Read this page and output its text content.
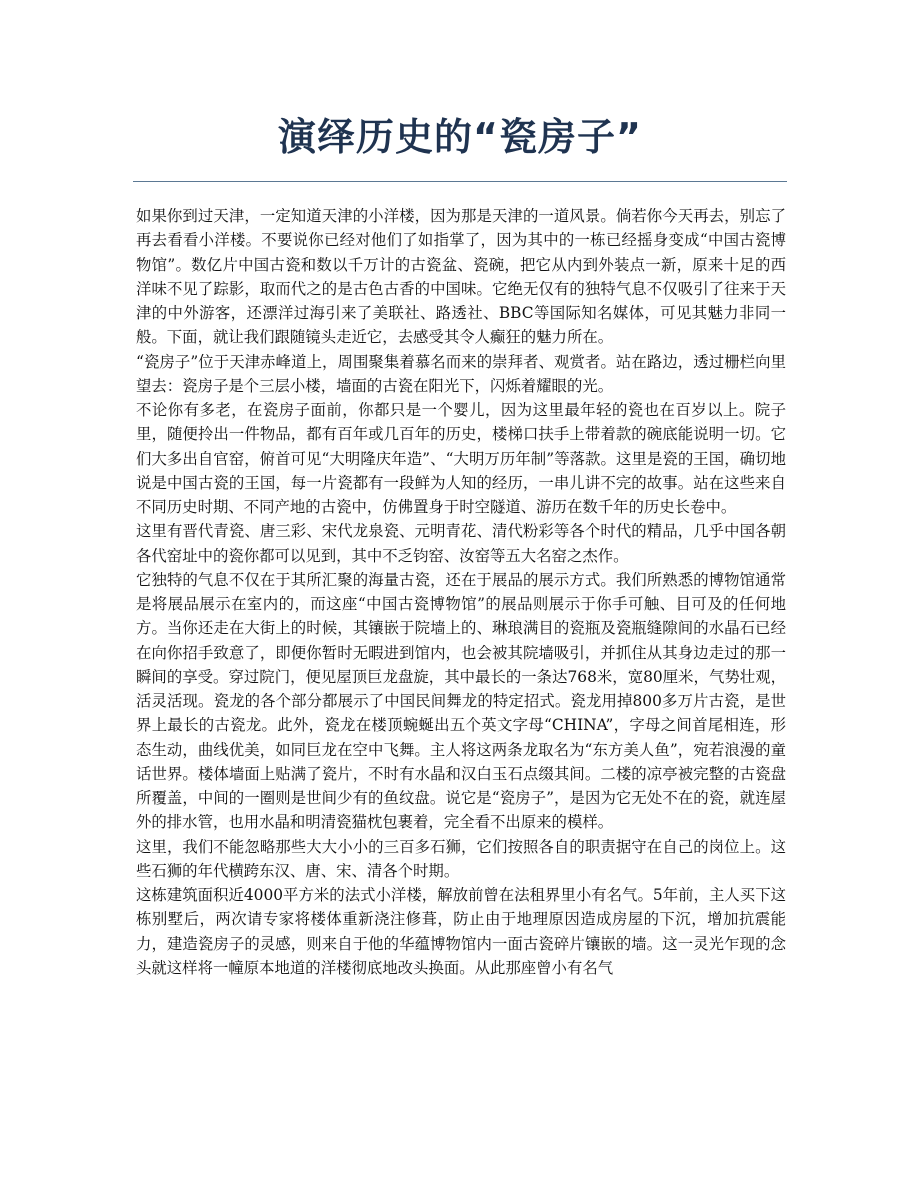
演绎历史的“瓷房子”

如果你到过天津，一定知道天津的小洋楼，因为那是天津的一道风景。倘若你今天再去，别忘了再去看看小洋楼。不要说你已经对他们了如指掌了，因为其中的一栋已经摇身变成“中国古瓷博物馆”。数亿片中国古瓷和数以千万计的古瓷盆、瓷碗，把它从内到外装点一新，原来十足的西洋味不见了踪影，取而代之的是古色古香的中国味。它绝无仅有的独特气息不仅吸引了往来于天津的中外游客，还漂洋过海引来了美联社、路透社、BBC等国际知名媒体，可见其魅力非同一般。下面，就让我们跟随镜头走近它，去感受其令人癫狂的魅力所在。

“瓷房子”位于天津赤峰道上，周围聚集着慕名而来的崇拜者、观赏者。站在路边，透过栅栏向里望去：瓷房子是个三层小楼，墙面的古瓷在阳光下，闪烁着耀眼的光。

不论你有多老，在瓷房子面前，你都只是一个婴儿，因为这里最年轻的瓷也在百岁以上。院子里，随便拎出一件物品，都有百年或几百年的历史，楼梯口扶手上带着款的碗底能说明一切。它们大多出自官窑，俯首可见“大明隆庆年造”、“大明万历年制”等落款。这里是瓷的王国，确切地说是中国古瓷的王国，每一片瓷都有一段鲜为人知的经历，一串儿讲不完的故事。站在这些来自不同历史时期、不同产地的古瓷中，仿佛置身于时空隧道、游历在数千年的历史长卷中。

这里有晋代青瓷、唐三彩、宋代龙泉瓷、元明青花、清代粉彩等各个时代的精品，几乎中国各朝各代窑址中的瓷你都可以见到，其中不乏钧窑、汝窑等五大名窑之杰作。

它独特的气息不仅在于其所汇聚的海量古瓷，还在于展品的展示方式。我们所熟悉的博物馆通常是将展品展示在室内的，而这座“中国古瓷博物馆”的展品则展示于你手可触、目可及的任何地方。当你还走在大街上的时候，其镶嵌于院墙上的、琳琅满目的瓷瓶及瓷瓶缝隙间的水晶石已经在向你招手致意了，即便你暂时无暇进到馆内，也会被其院墙吸引，并抓住从其身边走过的那一瞬间的享受。穿过院门，便见屋顶巨龙盘旋，其中最长的一条达768米，宽80厘米，气势壮观，活灵活现。瓷龙的各个部分都展示了中国民间舞龙的特定招式。瓷龙用掉800多万片古瓷，是世界上最长的古瓷龙。此外，瓷龙在楼顶蜿蜒出五个英文字母“CHINA”，字母之间首尾相连，形态生动，曲线优美，如同巨龙在空中飞舞。主人将这两条龙取名为“东方美人鱼”，宛若浪漫的童话世界。楼体墙面上贴满了瓷片，不时有水晶和汉白玉石点缀其间。二楼的凉亭被完整的古瓷盘所覆盖，中间的一圈则是世间少有的鱼纹盘。说它是“瓷房子”，是因为它无处不在的瓷，就连屋外的排水管，也用水晶和明清瓷猫枕包裹着，完全看不出原来的模样。

这里，我们不能忽略那些大大小小的三百多石狮，它们按照各自的职责据守在自己的岗位上。这些石狮的年代横跨东汉、唐、宋、清各个时期。

这栋建筑面积近4000平方米的法式小洋楼，解放前曾在法租界里小有名气。5年前，主人买下这栋别墅后，两次请专家将楼体重新浇注修葺，防止由于地理原因造成房屋的下沉，增加抗震能力，建造瓷房子的灵感，则来自于他的华蕴博物馆内一面古瓷碎片镶嵌的墙。这一灵光乍现的念头就这样将一幢原本地道的洋楼彻底地改头换面。从此那座曾小有名气
